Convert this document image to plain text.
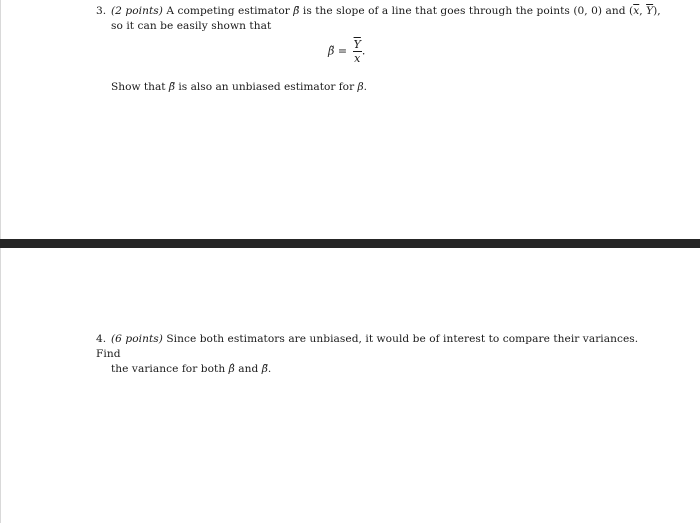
3. (2 points) A competing estimator β̃ is the slope of a line that goes through the points (0, 0) and ($\overline{x}$, $\overline{Y}$),
so it can be easily shown that
β̃ = $\frac{\overline{Y}}{x}$ .
Show that β̃ is also an unbiased estimator for β.
4. (6 points) Since both estimators are unbiased, it would be of interest to compare their variances. Find
the variance for both β̂ and β̃.
